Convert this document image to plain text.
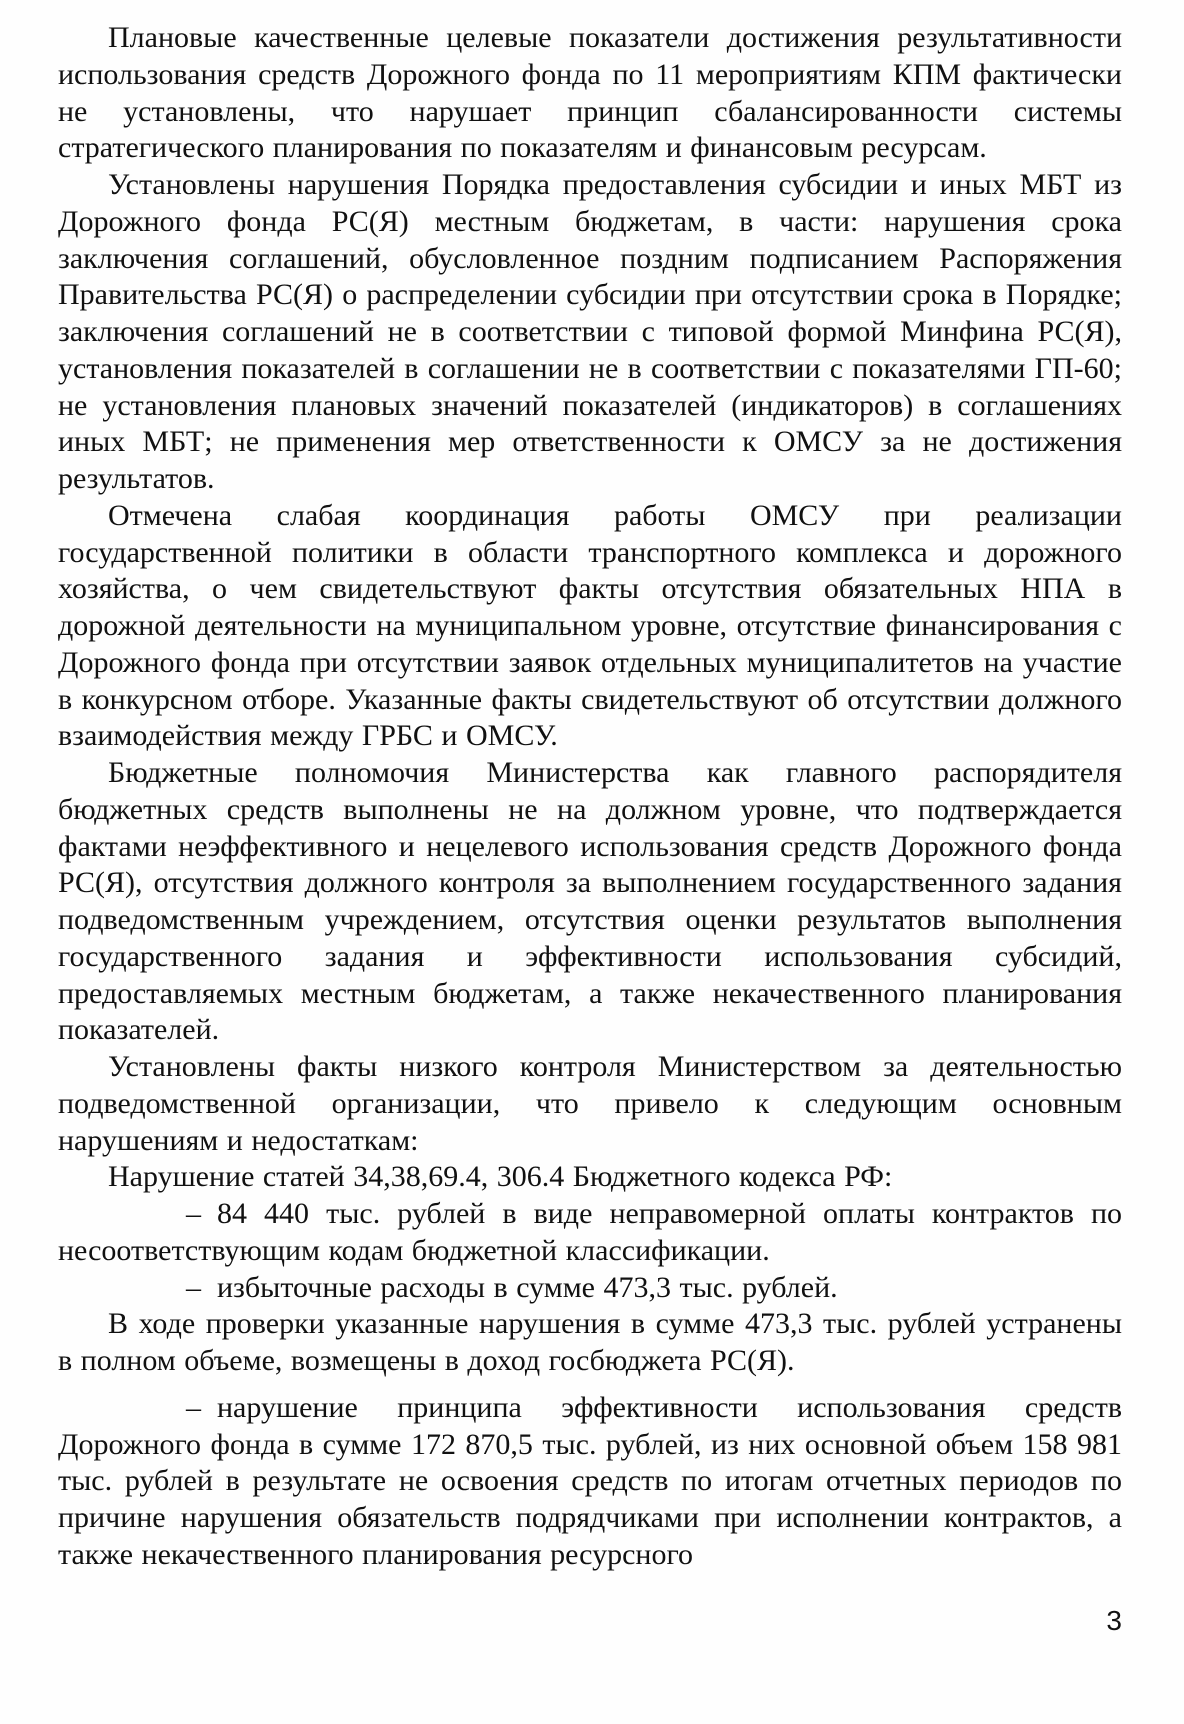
Плановые качественные целевые показатели достижения результативности использования средств Дорожного фонда по 11 мероприятиям КПМ фактически не установлены, что нарушает принцип сбалансированности системы стратегического планирования по показателям и финансовым ресурсам.

Установлены нарушения Порядка предоставления субсидии и иных МБТ из Дорожного фонда РС(Я) местным бюджетам, в части: нарушения срока заключения соглашений, обусловленное поздним подписанием Распоряжения Правительства РС(Я) о распределении субсидии при отсутствии срока в Порядке; заключения соглашений не в соответствии с типовой формой Минфина РС(Я), установления показателей в соглашении не в соответствии с показателями ГП-60; не установления плановых значений показателей (индикаторов) в соглашениях иных МБТ; не применения мер ответственности к ОМСУ за не достижения результатов.

Отмечена слабая координация работы ОМСУ при реализации государственной политики в области транспортного комплекса и дорожного хозяйства, о чем свидетельствуют факты отсутствия обязательных НПА в дорожной деятельности на муниципальном уровне, отсутствие финансирования с Дорожного фонда при отсутствии заявок отдельных муниципалитетов на участие в конкурсном отборе. Указанные факты свидетельствуют об отсутствии должного взаимодействия между ГРБС и ОМСУ.

Бюджетные полномочия Министерства как главного распорядителя бюджетных средств выполнены не на должном уровне, что подтверждается фактами неэффективного и нецелевого использования средств Дорожного фонда РС(Я), отсутствия должного контроля за выполнением государственного задания подведомственным учреждением, отсутствия оценки результатов выполнения государственного задания и эффективности использования субсидий, предоставляемых местным бюджетам, а также некачественного планирования показателей.

Установлены факты низкого контроля Министерством за деятельностью подведомственной организации, что привело к следующим основным нарушениям и недостаткам:

Нарушение статей 34,38,69.4, 306.4 Бюджетного кодекса РФ:

– 84 440 тыс. рублей в виде неправомерной оплаты контрактов по несоответствующим кодам бюджетной классификации.

– избыточные расходы в сумме 473,3 тыс. рублей.

В ходе проверки указанные нарушения в сумме 473,3 тыс. рублей устранены в полном объеме, возмещены в доход госбюджета РС(Я).

– нарушение принципа эффективности использования средств Дорожного фонда в сумме 172 870,5 тыс. рублей, из них основной объем 158 981 тыс. рублей в результате не освоения средств по итогам отчетных периодов по причине нарушения обязательств подрядчиками при исполнении контрактов, а также некачественного планирования ресурсного

3
